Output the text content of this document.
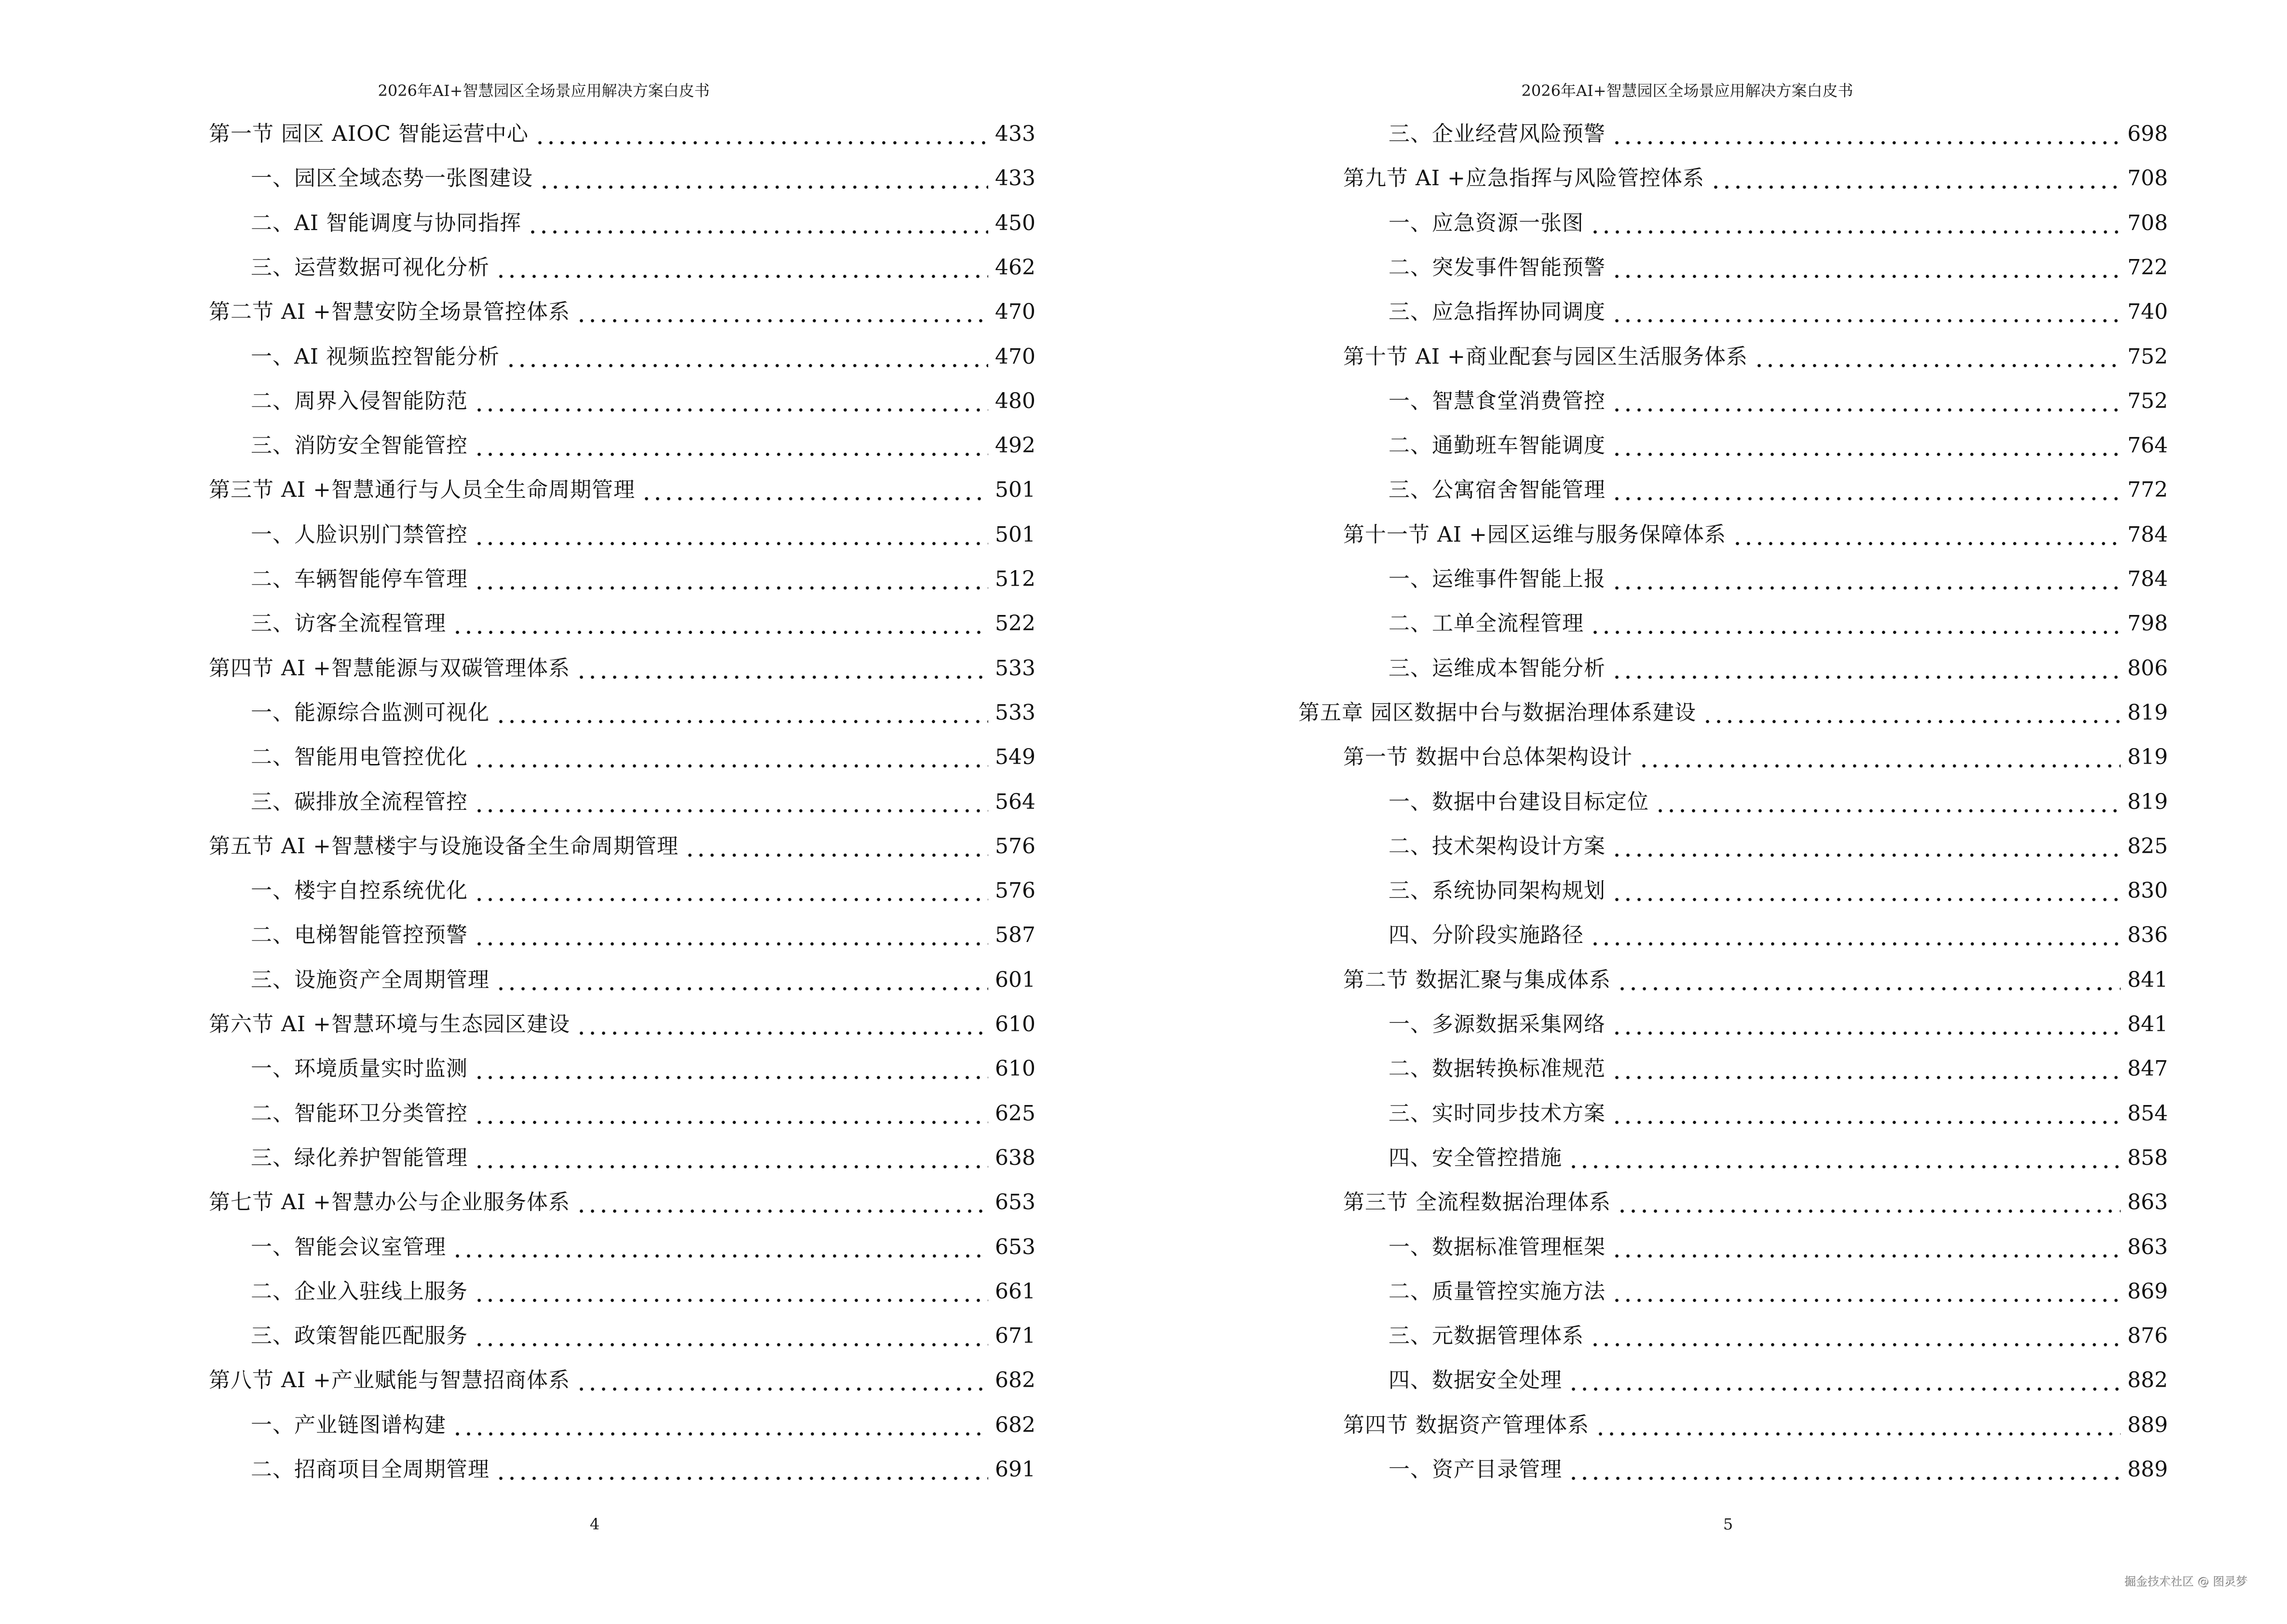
2026年AI+智慧园区全场景应用解决方案白皮书
第一节 园区 AIOC 智能运营中心	433
一、园区全域态势一张图建设	433
二、AI 智能调度与协同指挥	450
三、运营数据可视化分析	462
第二节 AI +智慧安防全场景管控体系	470
一、AI 视频监控智能分析	470
二、周界入侵智能防范	480
三、消防安全智能管控	492
第三节 AI +智慧通行与人员全生命周期管理	501
一、人脸识别门禁管控	501
二、车辆智能停车管理	512
三、访客全流程管理	522
第四节 AI +智慧能源与双碳管理体系	533
一、能源综合监测可视化	533
二、智能用电管控优化	549
三、碳排放全流程管控	564
第五节 AI +智慧楼宇与设施设备全生命周期管理	576
一、楼宇自控系统优化	576
二、电梯智能管控预警	587
三、设施资产全周期管理	601
第六节 AI +智慧环境与生态园区建设	610
一、环境质量实时监测	610
二、智能环卫分类管控	625
三、绿化养护智能管理	638
第七节 AI +智慧办公与企业服务体系	653
一、智能会议室管理	653
二、企业入驻线上服务	661
三、政策智能匹配服务	671
第八节 AI +产业赋能与智慧招商体系	682
一、产业链图谱构建	682
二、招商项目全周期管理	691
4
2026年AI+智慧园区全场景应用解决方案白皮书
三、企业经营风险预警	698
第九节 AI +应急指挥与风险管控体系	708
一、应急资源一张图	708
二、突发事件智能预警	722
三、应急指挥协同调度	740
第十节 AI +商业配套与园区生活服务体系	752
一、智慧食堂消费管控	752
二、通勤班车智能调度	764
三、公寓宿舍智能管理	772
第十一节 AI +园区运维与服务保障体系	784
一、运维事件智能上报	784
二、工单全流程管理	798
三、运维成本智能分析	806
第五章 园区数据中台与数据治理体系建设	819
第一节 数据中台总体架构设计	819
一、数据中台建设目标定位	819
二、技术架构设计方案	825
三、系统协同架构规划	830
四、分阶段实施路径	836
第二节 数据汇聚与集成体系	841
一、多源数据采集网络	841
二、数据转换标准规范	847
三、实时同步技术方案	854
四、安全管控措施	858
第三节 全流程数据治理体系	863
一、数据标准管理框架	863
二、质量管控实施方法	869
三、元数据管理体系	876
四、数据安全处理	882
第四节 数据资产管理体系	889
一、资产目录管理	889
5
掘金技术社区 @ 图灵梦
